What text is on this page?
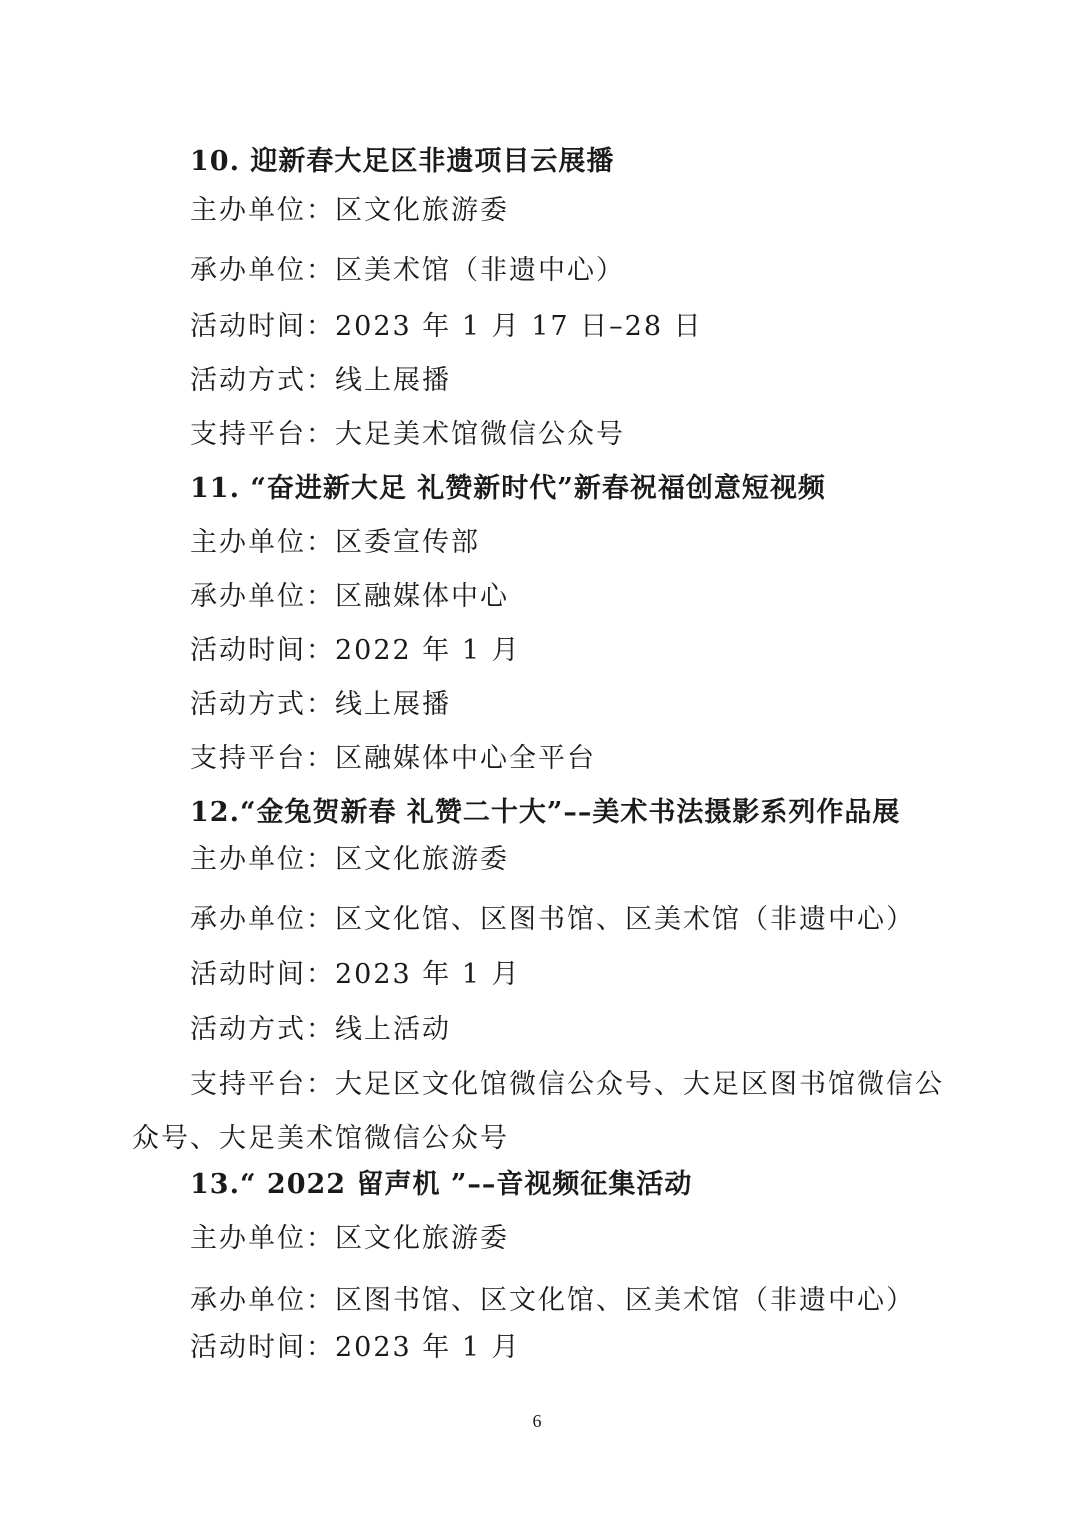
10. 迎新春大足区非遗项目云展播
主办单位：区文化旅游委
承办单位：区美术馆（非遗中心）
活动时间：2023 年 1 月 17 日–28 日
活动方式：线上展播
支持平台：大足美术馆微信公众号
11. “奋进新大足 礼赞新时代”新春祝福创意短视频
主办单位：区委宣传部
承办单位：区融媒体中心
活动时间：2022 年 1 月
活动方式：线上展播
支持平台：区融媒体中心全平台
12.“金兔贺新春 礼赞二十大”––美术书法摄影系列作品展
主办单位：区文化旅游委
承办单位：区文化馆、区图书馆、区美术馆（非遗中心）
活动时间：2023 年 1 月
活动方式：线上活动
支持平台：大足区文化馆微信公众号、大足区图书馆微信公
众号、大足美术馆微信公众号
13.“ 2022 留声机 ”––音视频征集活动
主办单位：区文化旅游委
承办单位：区图书馆、区文化馆、区美术馆（非遗中心）
活动时间：2023 年 1 月
6
